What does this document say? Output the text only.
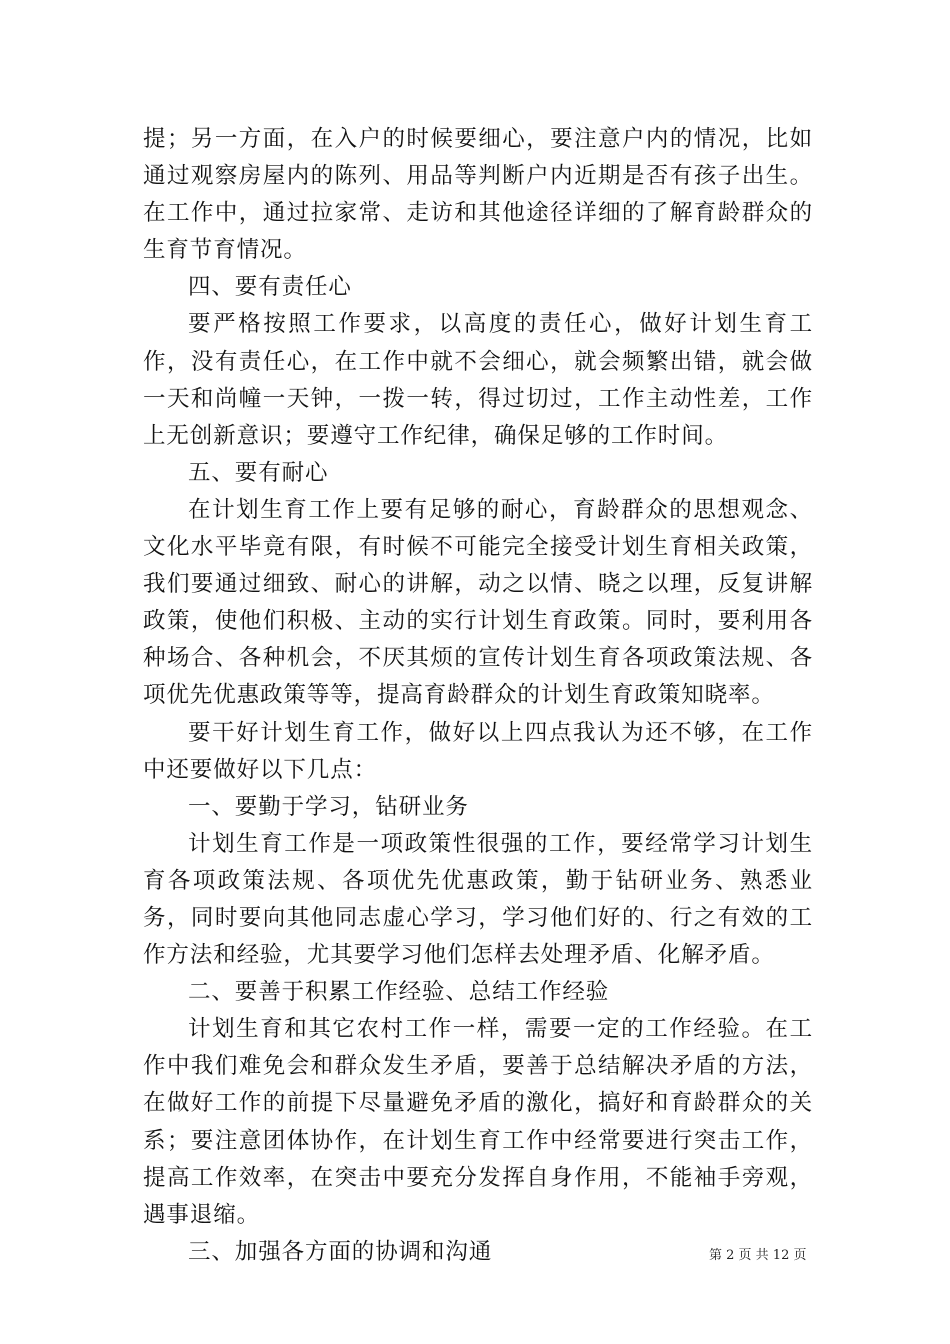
提；另一方面，在入户的时候要细心，要注意户内的情况，比如通过观察房屋内的陈列、用品等判断户内近期是否有孩子出生。在工作中，通过拉家常、走访和其他途径详细的了解育龄群众的生育节育情况。

四、要有责任心

要严格按照工作要求，以高度的责任心，做好计划生育工作，没有责任心，在工作中就不会细心，就会频繁出错，就会做一天和尚幢一天钟，一拨一转，得过切过，工作主动性差，工作上无创新意识；要遵守工作纪律，确保足够的工作时间。

五、要有耐心

在计划生育工作上要有足够的耐心，育龄群众的思想观念、文化水平毕竟有限，有时候不可能完全接受计划生育相关政策，我们要通过细致、耐心的讲解，动之以情、晓之以理，反复讲解政策，使他们积极、主动的实行计划生育政策。同时，要利用各种场合、各种机会，不厌其烦的宣传计划生育各项政策法规、各项优先优惠政策等等，提高育龄群众的计划生育政策知晓率。

要干好计划生育工作，做好以上四点我认为还不够，在工作中还要做好以下几点：

一、要勤于学习，钻研业务

计划生育工作是一项政策性很强的工作，要经常学习计划生育各项政策法规、各项优先优惠政策，勤于钻研业务、熟悉业务，同时要向其他同志虚心学习，学习他们好的、行之有效的工作方法和经验，尤其要学习他们怎样去处理矛盾、化解矛盾。

二、要善于积累工作经验、总结工作经验

计划生育和其它农村工作一样，需要一定的工作经验。在工作中我们难免会和群众发生矛盾，要善于总结解决矛盾的方法，在做好工作的前提下尽量避免矛盾的激化，搞好和育龄群众的关系；要注意团体协作，在计划生育工作中经常要进行突击工作，提高工作效率，在突击中要充分发挥自身作用，不能袖手旁观，遇事退缩。

三、加强各方面的协调和沟通	第 2 页 共 12 页
